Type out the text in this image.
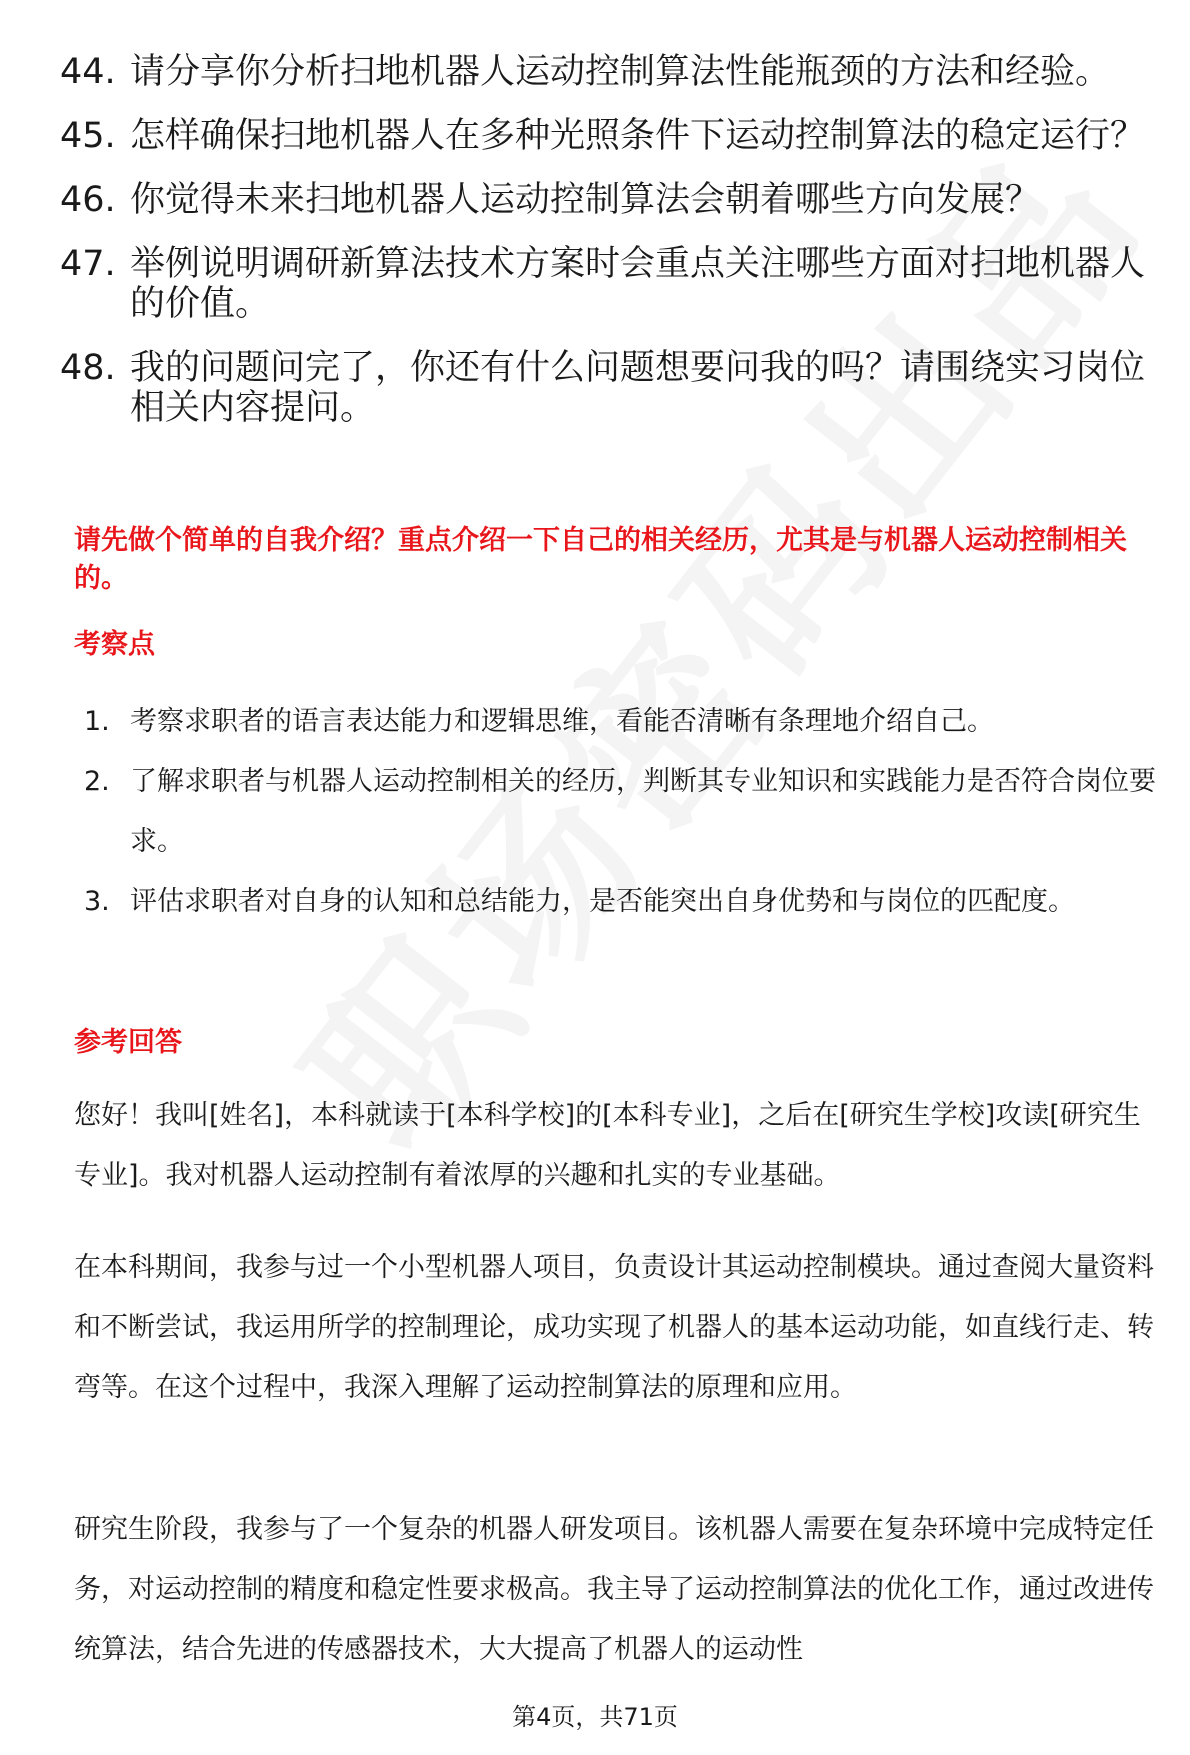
44. 请分享你分析扫地机器人运动控制算法性能瓶颈的方法和经验。
45. 怎样确保扫地机器人在多种光照条件下运动控制算法的稳定运行？
46. 你觉得未来扫地机器人运动控制算法会朝着哪些方向发展？
47. 举例说明调研新算法技术方案时会重点关注哪些方面对扫地机器人的价值。
48. 我的问题问完了，你还有什么问题想要问我的吗？请围绕实习岗位相关内容提问。
请先做个简单的自我介绍？重点介绍一下自己的相关经历，尤其是与机器人运动控制相关的。
考察点
1. 考察求职者的语言表达能力和逻辑思维，看能否清晰有条理地介绍自己。
2. 了解求职者与机器人运动控制相关的经历，判断其专业知识和实践能力是否符合岗位要求。
3. 评估求职者对自身的认知和总结能力，是否能突出自身优势和与岗位的匹配度。
参考回答
您好！我叫[姓名]，本科就读于[本科学校]的[本科专业]，之后在[研究生学校]攻读[研究生专业]。我对机器人运动控制有着浓厚的兴趣和扎实的专业基础。
在本科期间，我参与过一个小型机器人项目，负责设计其运动控制模块。通过查阅大量资料和不断尝试，我运用所学的控制理论，成功实现了机器人的基本运动功能，如直线行走、转弯等。在这个过程中，我深入理解了运动控制算法的原理和应用。
研究生阶段，我参与了一个复杂的机器人研发项目。该机器人需要在复杂环境中完成特定任务，对运动控制的精度和稳定性要求极高。我主导了运动控制算法的优化工作，通过改进传统算法，结合先进的传感器技术，大大提高了机器人的运动性
第4页，共71页
